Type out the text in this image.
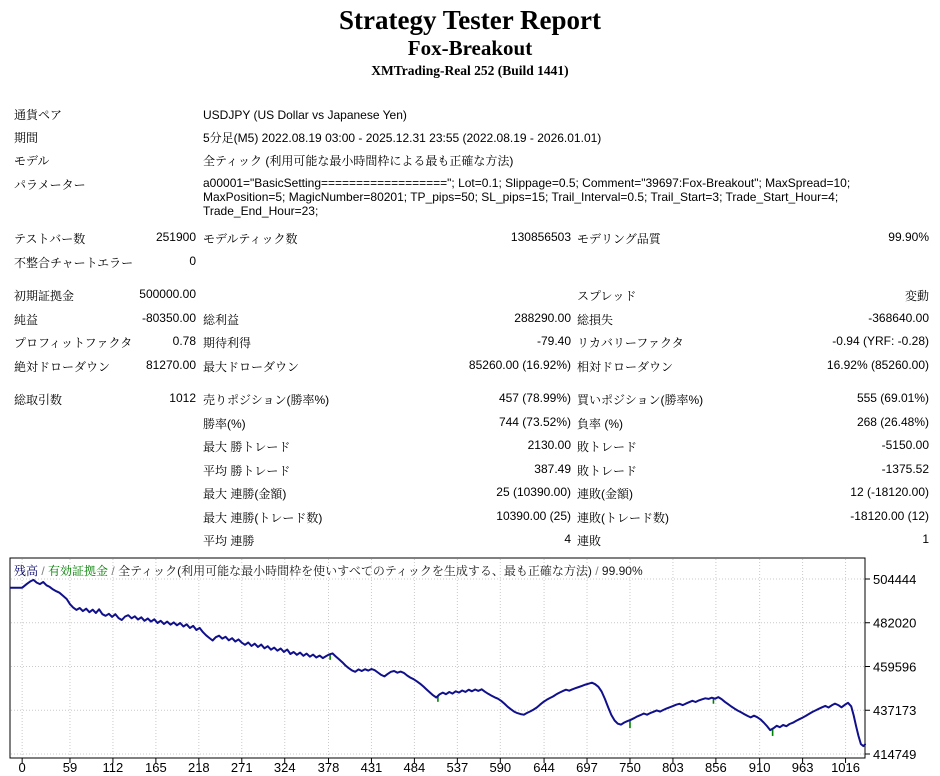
Strategy Tester Report
Fox-Breakout
XMTrading-Real 252 (Build 1441)
通貨ペア	USDJPY (US Dollar vs Japanese Yen)
期間	5分足(M5) 2022.08.19 03:00 - 2025.12.31 23:55 (2022.08.19 - 2026.01.01)
モデル	全ティック (利用可能な最小時間枠による最も正確な方法)
パラメーター	a00001="BasicSetting=================="; Lot=0.1; Slippage=0.5; Comment="39697:Fox-Breakout"; MaxSpread=10; MaxPosition=5; MagicNumber=80201; TP_pips=50; SL_pips=15; Trail_Interval=0.5; Trail_Start=3; Trade_Start_Hour=4; Trade_End_Hour=23;
テストバー数	251900 モデルティック数	130856503 モデリング品質	99.90%
不整合チャートエラー	0
初期証拠金	500000.00	スプレッド	変動
純益	-80350.00 総利益	288290.00 総損失	-368640.00
プロフィットファクタ	0.78 期待利得	-79.40 リカバリーファクタ	-0.94 (YRF: -0.28)
絶対ドローダウン	81270.00 最大ドローダウン	85260.00 (16.92%) 相対ドローダウン	16.92% (85260.00)
総取引数	1012 売りポジション(勝率%)	457 (78.99%) 買いポジション(勝率%)	555 (69.01%)
勝率(%)	744 (73.52%) 負率 (%)	268 (26.48%)
最大 勝トレード	2130.00 敗トレード	-5150.00
平均 勝トレード	387.49 敗トレード	-1375.52
最大 連勝(金額)	25 (10390.00) 連敗(金額)	12 (-18120.00)
最大 連勝(トレード数)	10390.00 (25) 連敗(トレード数)	-18120.00 (12)
平均 連勝	4 連敗	1
残高 / 有効証拠金 / 全ティック(利用可能な最小時間枠を使いすべてのティックを生成する、最も正確な方法) / 99.90%
0	59 112 165 218 271 324 378 431 484 537 590 644 697 750 803 856 910 963 1016
504444
482020
459596
437173
414749
